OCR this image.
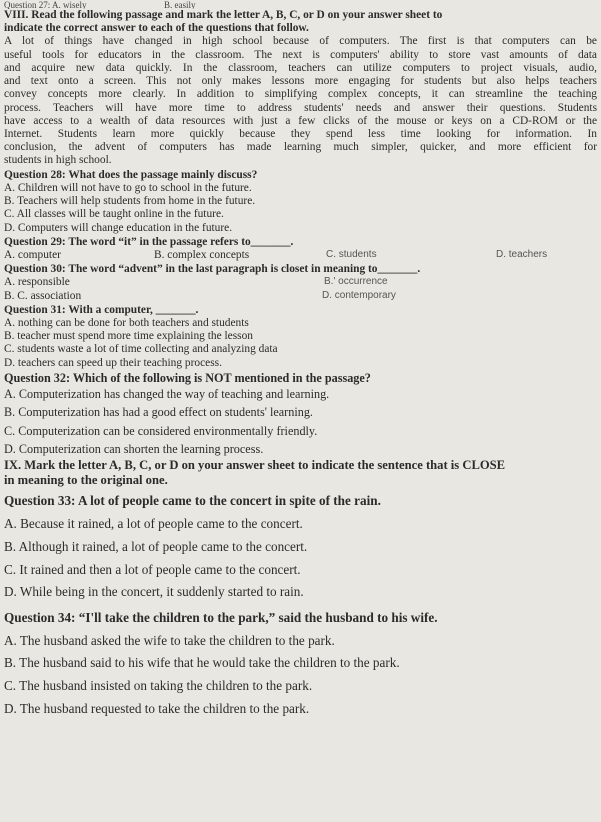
Question 27: A. wisely	B. easily
VIII. Read the following passage and mark the letter A, B, C, or D on your answer sheet to
indicate the correct answer to each of the questions that follow.
A lot of things have changed in high school because of computers. The first is that computers can be
useful tools for educators in the classroom. The next is computers' ability to store vast amounts of data
and acquire new data quickly. In the classroom, teachers can utilize computers to project visuals, audio,
and text onto a screen. This not only makes lessons more engaging for students but also helps teachers
convey concepts more clearly. In addition to simplifying complex concepts, it can streamline the teaching
process. Teachers will have more time to address students' needs and answer their questions. Students
have access to a wealth of data resources with just a few clicks of the mouse or keys on a CD-ROM or the
Internet. Students learn more quickly because they spend less time looking for information. In
conclusion, the advent of computers has made learning much simpler, quicker, and more efficient for
students in high school.
Question 28: What does the passage mainly discuss?
A. Children will not have to go to school in the future.
B. Teachers will help students from home in the future.
C. All classes will be taught online in the future.
D. Computers will change education in the future.
Question 29: The word “it” in the passage refers to_______.
A. computer	B. complex concepts	C. students	D. teachers
Question 30: The word “advent” in the last paragraph is closet in meaning to_______.
A. responsible	B.' occurrence
B. C. association	D. contemporary
Question 31: With a computer, _______.
A. nothing can be done for both teachers and students
B. teacher must spend more time explaining the lesson
C. students waste a lot of time collecting and analyzing data
D. teachers can speed up their teaching process.
Question 32: Which of the following is NOT mentioned in the passage?
A. Computerization has changed the way of teaching and learning.
B. Computerization has had a good effect on students' learning.
C. Computerization can be considered environmentally friendly.
D. Computerization can shorten the learning process.
IX. Mark the letter A, B, C, or D on your answer sheet to indicate the sentence that is CLOSE
in meaning to the original one.
Question 33: A lot of people came to the concert in spite of the rain.
A. Because it rained, a lot of people came to the concert.
B. Although it rained, a lot of people came to the concert.
C. It rained and then a lot of people came to the concert.
D. While being in the concert, it suddenly started to rain.
Question 34: “I'll take the children to the park,” said the husband to his wife.
A. The husband asked the wife to take the children to the park.
B. The husband said to his wife that he would take the children to the park.
C. The husband insisted on taking the children to the park.
D. The husband requested to take the children to the park.
